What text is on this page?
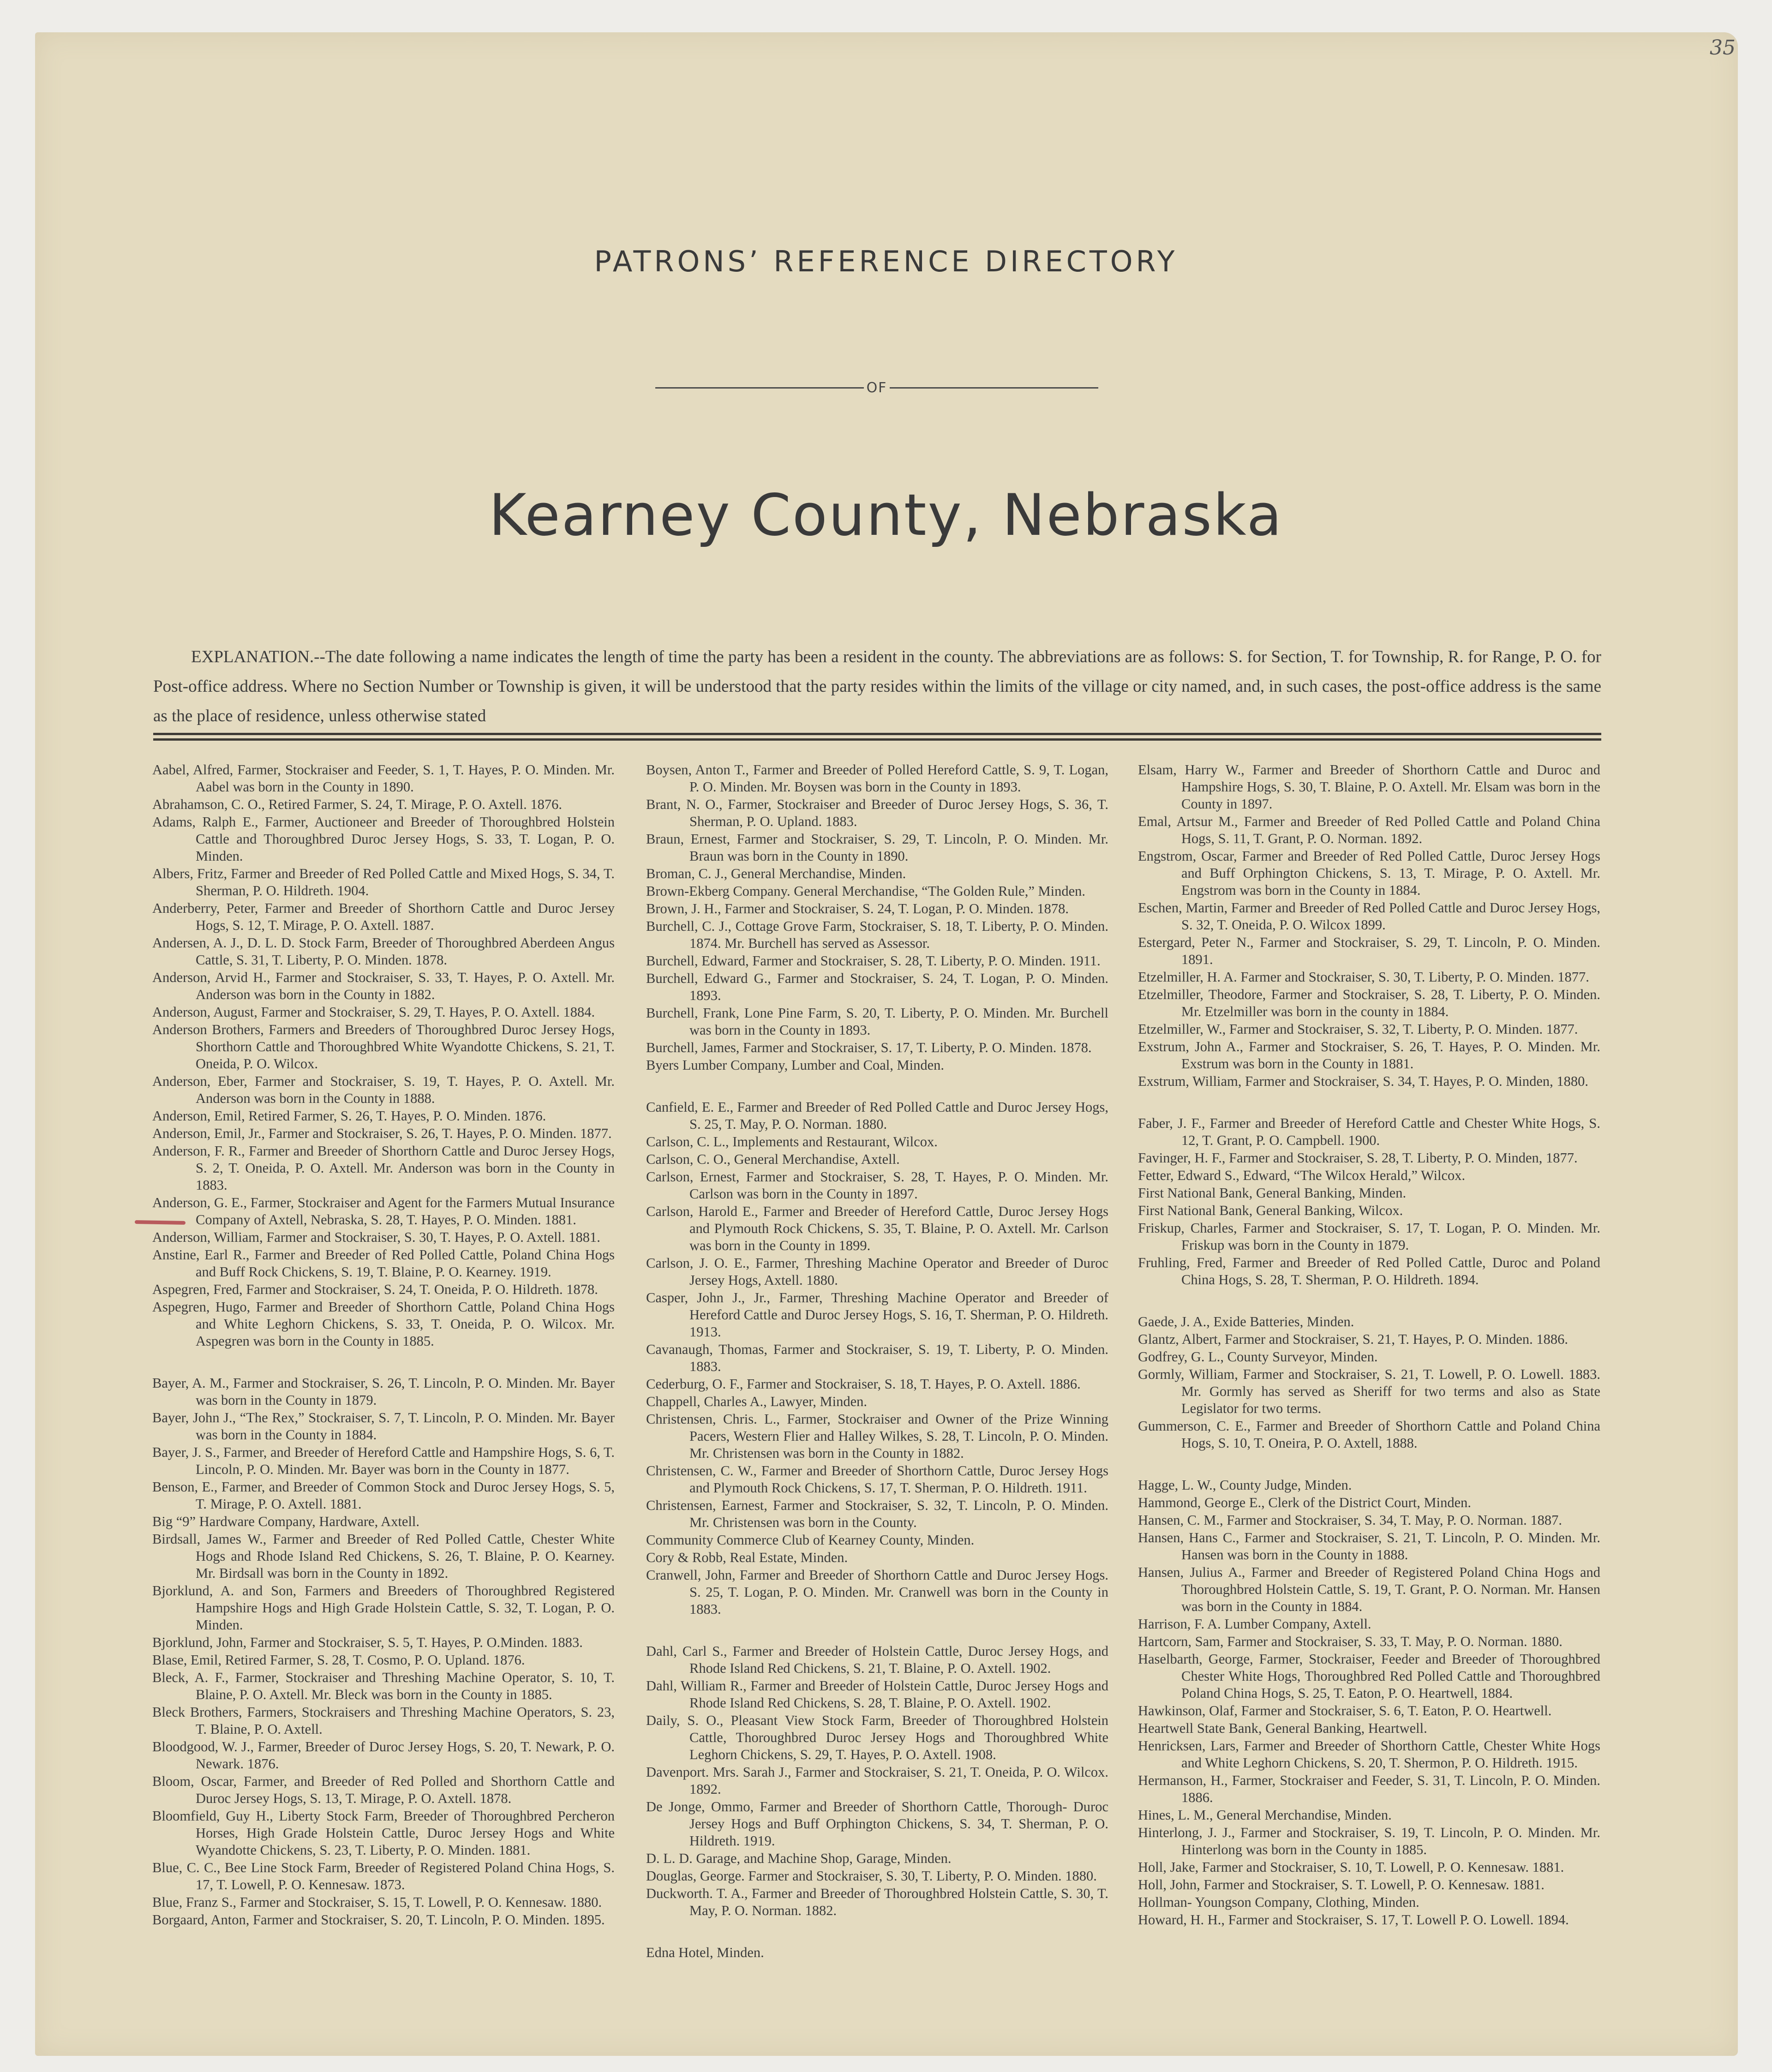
35
PATRONS’ REFERENCE DIRECTORY
OF
Kearney County, Nebraska
EXPLANATION.--The date following a name indicates the length of time the party has been a resident in the county. The abbreviations are as follows: S. for Section, T. for Township, R. for Range, P. O. for Post-office address. Where no Section Number or Township is given, it will be understood that the party resides within the limits of the village or city named, and, in such cases, the post-office address is the same as the place of residence, unless otherwise stated
Aabel, Alfred, Farmer, Stockraiser and Feeder, S. 1, T. Hayes, P. O. Minden. Mr. Aabel was born in the County in 1890.
Abrahamson, C. O., Retired Farmer, S. 24, T. Mirage, P. O. Axtell. 1876.
Adams, Ralph E., Farmer, Auctioneer and Breeder of Thoroughbred Holstein Cattle and Thoroughbred Duroc Jersey Hogs, S. 33, T. Logan, P. O. Minden.
Albers, Fritz, Farmer and Breeder of Red Polled Cattle and Mixed Hogs, S. 34, T. Sherman, P. O. Hildreth. 1904.
Anderberry, Peter, Farmer and Breeder of Shorthorn Cattle and Duroc Jersey Hogs, S. 12, T. Mirage, P. O. Axtell. 1887.
Andersen, A. J., D. L. D. Stock Farm, Breeder of Thoroughbred Aberdeen Angus Cattle, S. 31, T. Liberty, P. O. Minden. 1878.
Anderson, Arvid H., Farmer and Stockraiser, S. 33, T. Hayes, P. O. Axtell. Mr. Anderson was born in the County in 1882.
Anderson, August, Farmer and Stockraiser, S. 29, T. Hayes, P. O. Axtell. 1884.
Anderson Brothers, Farmers and Breeders of Thoroughbred Duroc Jersey Hogs, Shorthorn Cattle and Thoroughbred White Wyandotte Chickens, S. 21, T. Oneida, P. O. Wilcox.
Anderson, Eber, Farmer and Stockraiser, S. 19, T. Hayes, P. O. Axtell. Mr. Anderson was born in the County in 1888.
Anderson, Emil, Retired Farmer, S. 26, T. Hayes, P. O. Minden. 1876.
Anderson, Emil, Jr., Farmer and Stockraiser, S. 26, T. Hayes, P. O. Minden. 1877.
Anderson, F. R., Farmer and Breeder of Shorthorn Cattle and Duroc Jersey Hogs, S. 2, T. Oneida, P. O. Axtell. Mr. Anderson was born in the County in 1883.
Anderson, G. E., Farmer, Stockraiser and Agent for the Farmers Mutual Insurance Company of Axtell, Nebraska, S. 28, T. Hayes, P. O. Minden. 1881.
Anderson, William, Farmer and Stockraiser, S. 30, T. Hayes, P. O. Axtell. 1881.
Anstine, Earl R., Farmer and Breeder of Red Polled Cattle, Poland China Hogs and Buff Rock Chickens, S. 19, T. Blaine, P. O. Kearney. 1919.
Aspegren, Fred, Farmer and Stockraiser, S. 24, T. Oneida, P. O. Hildreth. 1878.
Aspegren, Hugo, Farmer and Breeder of Shorthorn Cattle, Poland China Hogs and White Leghorn Chickens, S. 33, T. Oneida, P. O. Wilcox. Mr. Aspegren was born in the County in 1885.
Bayer, A. M., Farmer and Stockraiser, S. 26, T. Lincoln, P. O. Minden. Mr. Bayer was born in the County in 1879.
Bayer, John J., “The Rex,” Stockraiser, S. 7, T. Lincoln, P. O. Minden. Mr. Bayer was born in the County in 1884.
Bayer, J. S., Farmer, and Breeder of Hereford Cattle and Hampshire Hogs, S. 6, T. Lincoln, P. O. Minden. Mr. Bayer was born in the County in 1877.
Benson, E., Farmer, and Breeder of Common Stock and Duroc Jersey Hogs, S. 5, T. Mirage, P. O. Axtell. 1881.
Big “9” Hardware Company, Hardware, Axtell.
Birdsall, James W., Farmer and Breeder of Red Polled Cattle, Chester White Hogs and Rhode Island Red Chickens, S. 26, T. Blaine, P. O. Kearney. Mr. Birdsall was born in the County in 1892.
Bjorklund, A. and Son, Farmers and Breeders of Thoroughbred Registered Hampshire Hogs and High Grade Holstein Cattle, S. 32, T. Logan, P. O. Minden.
Bjorklund, John, Farmer and Stockraiser, S. 5, T. Hayes, P. O.Minden. 1883.
Blase, Emil, Retired Farmer, S. 28, T. Cosmo, P. O. Upland. 1876.
Bleck, A. F., Farmer, Stockraiser and Threshing Machine Operator, S. 10, T. Blaine, P. O. Axtell. Mr. Bleck was born in the County in 1885.
Bleck Brothers, Farmers, Stockraisers and Threshing Machine Operators, S. 23, T. Blaine, P. O. Axtell.
Bloodgood, W. J., Farmer, Breeder of Duroc Jersey Hogs, S. 20, T. Newark, P. O. Newark. 1876.
Bloom, Oscar, Farmer, and Breeder of Red Polled and Shorthorn Cattle and Duroc Jersey Hogs, S. 13, T. Mirage, P. O. Axtell. 1878.
Bloomfield, Guy H., Liberty Stock Farm, Breeder of Thoroughbred Percheron Horses, High Grade Holstein Cattle, Duroc Jersey Hogs and White Wyandotte Chickens, S. 23, T. Liberty, P. O. Minden. 1881.
Blue, C. C., Bee Line Stock Farm, Breeder of Registered Poland China Hogs, S. 17, T. Lowell, P. O. Kennesaw. 1873.
Blue, Franz S., Farmer and Stockraiser, S. 15, T. Lowell, P. O. Kennesaw. 1880.
Borgaard, Anton, Farmer and Stockraiser, S. 20, T. Lincoln, P. O. Minden. 1895.
Boysen, Anton T., Farmer and Breeder of Polled Hereford Cattle, S. 9, T. Logan, P. O. Minden. Mr. Boysen was born in the County in 1893.
Brant, N. O., Farmer, Stockraiser and Breeder of Duroc Jersey Hogs, S. 36, T. Sherman, P. O. Upland. 1883.
Braun, Ernest, Farmer and Stockraiser, S. 29, T. Lincoln, P. O. Minden. Mr. Braun was born in the County in 1890.
Broman, C. J., General Merchandise, Minden.
Brown-Ekberg Company. General Merchandise, “The Golden Rule,” Minden.
Brown, J. H., Farmer and Stockraiser, S. 24, T. Logan, P. O. Minden. 1878.
Burchell, C. J., Cottage Grove Farm, Stockraiser, S. 18, T. Liberty, P. O. Minden. 1874. Mr. Burchell has served as Assessor.
Burchell, Edward, Farmer and Stockraiser, S. 28, T. Liberty, P. O. Minden. 1911.
Burchell, Edward G., Farmer and Stockraiser, S. 24, T. Logan, P. O. Minden. 1893.
Burchell, Frank, Lone Pine Farm, S. 20, T. Liberty, P. O. Minden. Mr. Burchell was born in the County in 1893.
Burchell, James, Farmer and Stockraiser, S. 17, T. Liberty, P. O. Minden. 1878.
Byers Lumber Company, Lumber and Coal, Minden.
Canfield, E. E., Farmer and Breeder of Red Polled Cattle and Duroc Jersey Hogs, S. 25, T. May, P. O. Norman. 1880.
Carlson, C. L., Implements and Restaurant, Wilcox.
Carlson, C. O., General Merchandise, Axtell.
Carlson, Ernest, Farmer and Stockraiser, S. 28, T. Hayes, P. O. Minden. Mr. Carlson was born in the County in 1897.
Carlson, Harold E., Farmer and Breeder of Hereford Cattle, Duroc Jersey Hogs and Plymouth Rock Chickens, S. 35, T. Blaine, P. O. Axtell. Mr. Carlson was born in the County in 1899.
Carlson, J. O. E., Farmer, Threshing Machine Operator and Breeder of Duroc Jersey Hogs, Axtell. 1880.
Casper, John J., Jr., Farmer, Threshing Machine Operator and Breeder of Hereford Cattle and Duroc Jersey Hogs, S. 16, T. Sherman, P. O. Hildreth. 1913.
Cavanaugh, Thomas, Farmer and Stockraiser, S. 19, T. Liberty, P. O. Minden. 1883.
Cederburg, O. F., Farmer and Stockraiser, S. 18, T. Hayes, P. O. Axtell. 1886.
Chappell, Charles A., Lawyer, Minden.
Christensen, Chris. L., Farmer, Stockraiser and Owner of the Prize Winning Pacers, Western Flier and Halley Wilkes, S. 28, T. Lincoln, P. O. Minden. Mr. Christensen was born in the County in 1882.
Christensen, C. W., Farmer and Breeder of Shorthorn Cattle, Duroc Jersey Hogs and Plymouth Rock Chickens, S. 17, T. Sherman, P. O. Hildreth. 1911.
Christensen, Earnest, Farmer and Stockraiser, S. 32, T. Lincoln, P. O. Minden. Mr. Christensen was born in the County.
Community Commerce Club of Kearney County, Minden.
Cory & Robb, Real Estate, Minden.
Cranwell, John, Farmer and Breeder of Shorthorn Cattle and Duroc Jersey Hogs. S. 25, T. Logan, P. O. Minden. Mr. Cranwell was born in the County in 1883.
Dahl, Carl S., Farmer and Breeder of Holstein Cattle, Duroc Jersey Hogs, and Rhode Island Red Chickens, S. 21, T. Blaine, P. O. Axtell. 1902.
Dahl, William R., Farmer and Breeder of Holstein Cattle, Duroc Jersey Hogs and Rhode Island Red Chickens, S. 28, T. Blaine, P. O. Axtell. 1902.
Daily, S. O., Pleasant View Stock Farm, Breeder of Thoroughbred Holstein Cattle, Thoroughbred Duroc Jersey Hogs and Thoroughbred White Leghorn Chickens, S. 29, T. Hayes, P. O. Axtell. 1908.
Davenport. Mrs. Sarah J., Farmer and Stockraiser, S. 21, T. Oneida, P. O. Wilcox. 1892.
De Jonge, Ommo, Farmer and Breeder of Shorthorn Cattle, Thorough- Duroc Jersey Hogs and Buff Orphington Chickens, S. 34, T. Sherman, P. O. Hildreth. 1919.
D. L. D. Garage, and Machine Shop, Garage, Minden.
Douglas, George. Farmer and Stockraiser, S. 30, T. Liberty, P. O. Minden. 1880.
Duckworth. T. A., Farmer and Breeder of Thoroughbred Holstein Cattle, S. 30, T. May, P. O. Norman. 1882.
Edna Hotel, Minden.
Elsam, Harry W., Farmer and Breeder of Shorthorn Cattle and Duroc and Hampshire Hogs, S. 30, T. Blaine, P. O. Axtell. Mr. Elsam was born in the County in 1897.
Emal, Artsur M., Farmer and Breeder of Red Polled Cattle and Poland China Hogs, S. 11, T. Grant, P. O. Norman. 1892.
Engstrom, Oscar, Farmer and Breeder of Red Polled Cattle, Duroc Jersey Hogs and Buff Orphington Chickens, S. 13, T. Mirage, P. O. Axtell. Mr. Engstrom was born in the County in 1884.
Eschen, Martin, Farmer and Breeder of Red Polled Cattle and Duroc Jersey Hogs, S. 32, T. Oneida, P. O. Wilcox 1899.
Estergard, Peter N., Farmer and Stockraiser, S. 29, T. Lincoln, P. O. Minden. 1891.
Etzelmiller, H. A. Farmer and Stockraiser, S. 30, T. Liberty, P. O. Minden. 1877.
Etzelmiller, Theodore, Farmer and Stockraiser, S. 28, T. Liberty, P. O. Minden. Mr. Etzelmiller was born in the county in 1884.
Etzelmiller, W., Farmer and Stockraiser, S. 32, T. Liberty, P. O. Minden. 1877.
Exstrum, John A., Farmer and Stockraiser, S. 26, T. Hayes, P. O. Minden. Mr. Exstrum was born in the County in 1881.
Exstrum, William, Farmer and Stockraiser, S. 34, T. Hayes, P. O. Minden, 1880.
Faber, J. F., Farmer and Breeder of Hereford Cattle and Chester White Hogs, S. 12, T. Grant, P. O. Campbell. 1900.
Favinger, H. F., Farmer and Stockraiser, S. 28, T. Liberty, P. O. Minden, 1877.
Fetter, Edward S., Edward, “The Wilcox Herald,” Wilcox.
First National Bank, General Banking, Minden.
First National Bank, General Banking, Wilcox.
Friskup, Charles, Farmer and Stockraiser, S. 17, T. Logan, P. O. Minden. Mr. Friskup was born in the County in 1879.
Fruhling, Fred, Farmer and Breeder of Red Polled Cattle, Duroc and Poland China Hogs, S. 28, T. Sherman, P. O. Hildreth. 1894.
Gaede, J. A., Exide Batteries, Minden.
Glantz, Albert, Farmer and Stockraiser, S. 21, T. Hayes, P. O. Minden. 1886.
Godfrey, G. L., County Surveyor, Minden.
Gormly, William, Farmer and Stockraiser, S. 21, T. Lowell, P. O. Lowell. 1883. Mr. Gormly has served as Sheriff for two terms and also as State Legislator for two terms.
Gummerson, C. E., Farmer and Breeder of Shorthorn Cattle and Poland China Hogs, S. 10, T. Oneira, P. O. Axtell, 1888.
Hagge, L. W., County Judge, Minden.
Hammond, George E., Clerk of the District Court, Minden.
Hansen, C. M., Farmer and Stockraiser, S. 34, T. May, P. O. Norman. 1887.
Hansen, Hans C., Farmer and Stockraiser, S. 21, T. Lincoln, P. O. Minden. Mr. Hansen was born in the County in 1888.
Hansen, Julius A., Farmer and Breeder of Registered Poland China Hogs and Thoroughbred Holstein Cattle, S. 19, T. Grant, P. O. Norman. Mr. Hansen was born in the County in 1884.
Harrison, F. A. Lumber Company, Axtell.
Hartcorn, Sam, Farmer and Stockraiser, S. 33, T. May, P. O. Norman. 1880.
Haselbarth, George, Farmer, Stockraiser, Feeder and Breeder of Thoroughbred Chester White Hogs, Thoroughbred Red Polled Cattle and Thoroughbred Poland China Hogs, S. 25, T. Eaton, P. O. Heartwell, 1884.
Hawkinson, Olaf, Farmer and Stockraiser, S. 6, T. Eaton, P. O. Heartwell.
Heartwell State Bank, General Banking, Heartwell.
Henricksen, Lars, Farmer and Breeder of Shorthorn Cattle, Chester White Hogs and White Leghorn Chickens, S. 20, T. Shermon, P. O. Hildreth. 1915.
Hermanson, H., Farmer, Stockraiser and Feeder, S. 31, T. Lincoln, P. O. Minden. 1886.
Hines, L. M., General Merchandise, Minden.
Hinterlong, J. J., Farmer and Stockraiser, S. 19, T. Lincoln, P. O. Minden. Mr. Hinterlong was born in the County in 1885.
Holl, Jake, Farmer and Stockraiser, S. 10, T. Lowell, P. O. Kennesaw. 1881.
Holl, John, Farmer and Stockraiser, S. T. Lowell, P. O. Kennesaw. 1881.
Hollman- Youngson Company, Clothing, Minden.
Howard, H. H., Farmer and Stockraiser, S. 17, T. Lowell P. O. Lowell. 1894.
